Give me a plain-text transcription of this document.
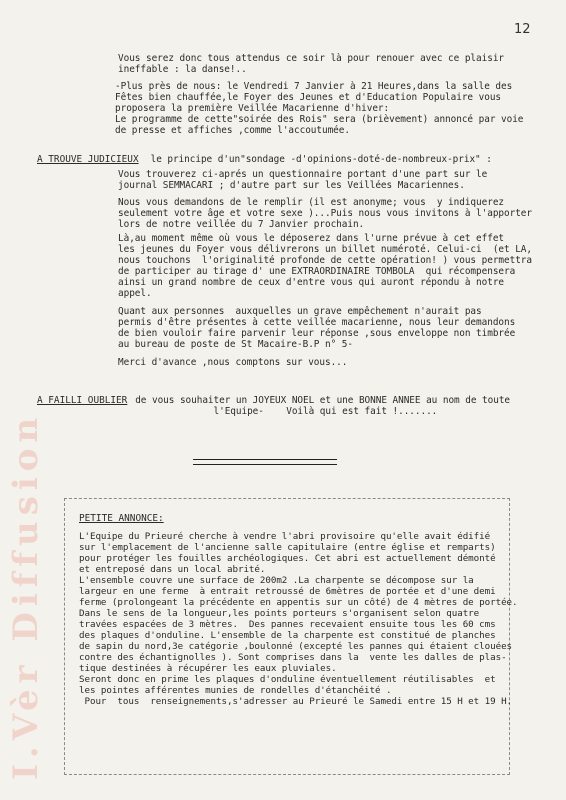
I.Vèr Diffusion
12

Vous serez donc tous attendus ce soir là pour renouer avec ce plaisir
ineffable : la danse!..

-Plus près de nous: le Vendredi 7 Janvier à 21 Heures,dans la salle des
Fêtes bien chauffée,le Foyer des Jeunes et d'Education Populaire vous
proposera la première Veillée Macarienne d'hiver:
Le programme de cette"soirée des Rois" sera (brièvement) annoncé par voie
de presse et affiches ,comme l'accoutumée.

A TROUVE JUDICIEUX le principe d'un"sondage -d'opinions-doté-de-nombreux-prix" :

Vous trouverez ci-aprés un questionnaire portant d'une part sur le
journal SEMMACARI ; d'autre part sur les Veillées Macariennes.

Nous vous demandons de le remplir (il est anonyme; vous  y indiquerez
seulement votre âge et votre sexe )...Puis nous vous invitons à l'apporter
lors de notre veillée du 7 Janvier prochain.

Là,au moment même où vous le déposerez dans l'urne prévue à cet effet
les jeunes du Foyer vous délivrerons un billet numéroté. Celui-ci  (et LA,
nous touchons  l'originalité profonde de cette opération! ) vous permettra
de participer au tirage d' une EXTRAORDINAIRE TOMBOLA  qui récompensera
ainsi un grand nombre de ceux d'entre vous qui auront répondu à notre
appel.

Quant aux personnes  auxquelles un grave empêchement n'aurait pas
permis d'être présentes à cette veillée macarienne, nous leur demandons
de bien vouloir faire parvenir leur réponse ,sous enveloppe non timbrée
au bureau de poste de St Macaire-B.P n° 5-

Merci d'avance ,nous comptons sur vous...

A FAILLI OUBLIER de vous souhaiter un JOYEUX NOEL et une BONNE ANNEE au nom de toute
l'Equipe-    Voilà qui est fait !.......

PETITE ANNONCE:

L'Equipe du Prieuré cherche à vendre l'abri provisoire qu'elle avait édifié
sur l'emplacement de l'ancienne salle capitulaire (entre église et remparts)
pour protéger les fouilles archéologiques. Cet abri est actuellement démonté
et entreposé dans un local abrité.
L'ensemble couvre une surface de 200m2 .La charpente se décompose sur la
largeur en une ferme  à entrait retroussé de 6mètres de portée et d'une demi
ferme (prolongeant la précédente en appentis sur un côté) de 4 mètres de portée.
Dans le sens de la longueur,les points porteurs s'organisent selon quatre
travées espacées de 3 mètres.  Des pannes recevaient ensuite tous les 60 cms
des plaques d'onduline. L'ensemble de la charpente est constitué de planches
de sapin du nord,3e catégorie ,boulonné (excepté les pannes qui étaient clouées
contre des échantignolles ). Sont comprises dans la  vente les dalles de plas-
tique destinées à récupérer les eaux pluviales.
Seront donc en prime les plaques d'onduline éventuellement réutilisables  et
les pointes afférentes munies de rondelles d'étanchéité .
Pour  tous  renseignements,s'adresser au Prieuré le Samedi entre 15 H et 19 H.
